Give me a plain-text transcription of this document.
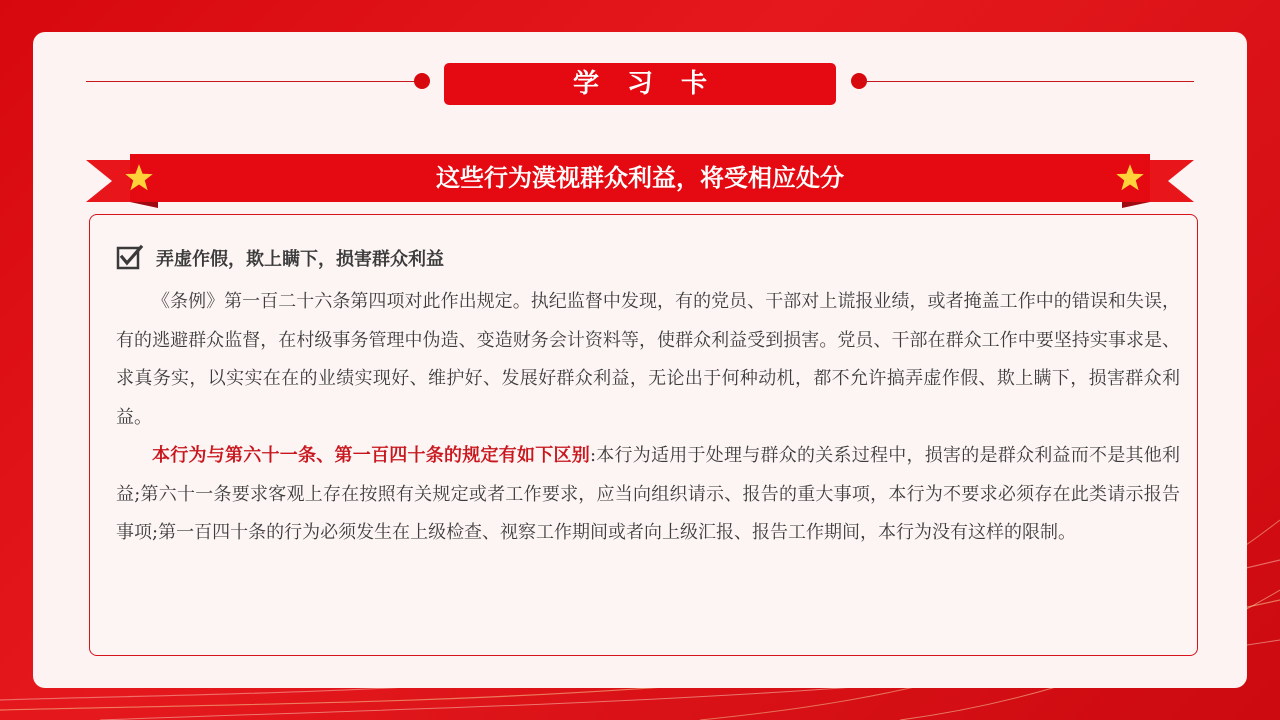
学习卡
这些行为漠视群众利益，将受相应处分
弄虚作假，欺上瞒下，损害群众利益

《条例》第一百二十六条第四项对此作出规定。执纪监督中发现，有的党员、干部对上谎报业绩，或者掩盖工作中的错误和失误，有的逃避群众监督，在村级事务管理中伪造、变造财务会计资料等，使群众利益受到损害。党员、干部在群众工作中要坚持实事求是、求真务实，以实实在在的业绩实现好、维护好、发展好群众利益，无论出于何种动机，都不允许搞弄虚作假、欺上瞒下，损害群众利益。

本行为与第六十一条、第一百四十条的规定有如下区别:本行为适用于处理与群众的关系过程中，损害的是群众利益而不是其他利益;第六十一条要求客观上存在按照有关规定或者工作要求，应当向组织请示、报告的重大事项，本行为不要求必须存在此类请示报告事项;第一百四十条的行为必须发生在上级检查、视察工作期间或者向上级汇报、报告工作期间，本行为没有这样的限制。
